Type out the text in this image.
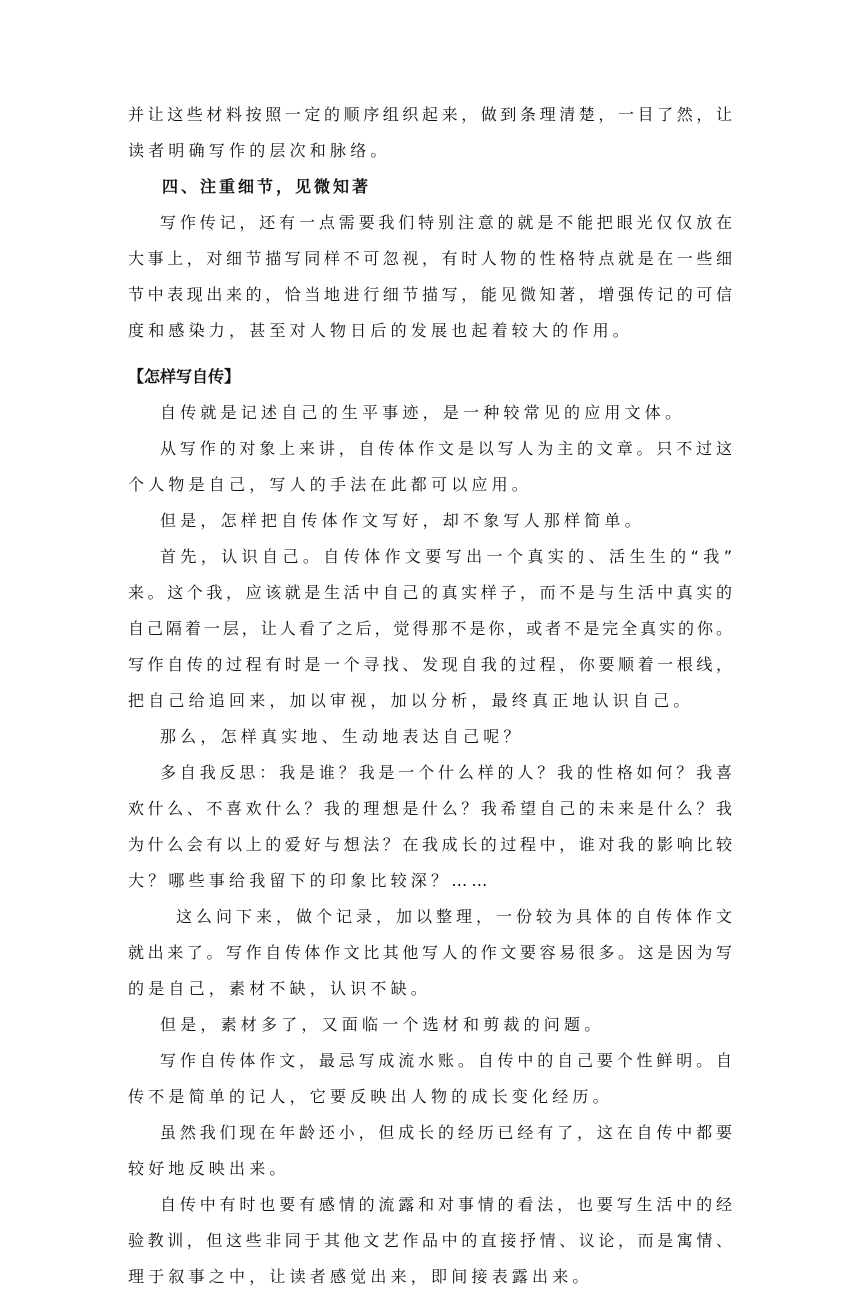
并让这些材料按照一定的顺序组织起来，做到条理清楚，一目了然，让
读者明确写作的层次和脉络。
四、注重细节，见微知著
写作传记，还有一点需要我们特别注意的就是不能把眼光仅仅放在
大事上，对细节描写同样不可忽视，有时人物的性格特点就是在一些细
节中表现出来的，恰当地进行细节描写，能见微知著，增强传记的可信
度和感染力，甚至对人物日后的发展也起着较大的作用。
【怎样写自传】
自传就是记述自己的生平事迹，是一种较常见的应用文体。
从写作的对象上来讲，自传体作文是以写人为主的文章。只不过这
个人物是自己，写人的手法在此都可以应用。
但是，怎样把自传体作文写好，却不象写人那样简单。
首先，认识自己。自传体作文要写出一个真实的、活生生的“我”
来。这个我，应该就是生活中自己的真实样子，而不是与生活中真实的
自己隔着一层，让人看了之后，觉得那不是你，或者不是完全真实的你。
写作自传的过程有时是一个寻找、发现自我的过程，你要顺着一根线，
把自己给追回来，加以审视，加以分析，最终真正地认识自己。
那么，怎样真实地、生动地表达自己呢？
多自我反思：我是谁？我是一个什么样的人？我的性格如何？我喜
欢什么、不喜欢什么？我的理想是什么？我希望自己的未来是什么？我
为什么会有以上的爱好与想法？在我成长的过程中，谁对我的影响比较
大？哪些事给我留下的印象比较深？……
这么问下来，做个记录，加以整理，一份较为具体的自传体作文
就出来了。写作自传体作文比其他写人的作文要容易很多。这是因为写
的是自己，素材不缺，认识不缺。
但是，素材多了，又面临一个选材和剪裁的问题。
写作自传体作文，最忌写成流水账。自传中的自己要个性鲜明。自
传不是简单的记人，它要反映出人物的成长变化经历。
虽然我们现在年龄还小，但成长的经历已经有了，这在自传中都要
较好地反映出来。
自传中有时也要有感情的流露和对事情的看法，也要写生活中的经
验教训，但这些非同于其他文艺作品中的直接抒情、议论，而是寓情、
理于叙事之中，让读者感觉出来，即间接表露出来。
